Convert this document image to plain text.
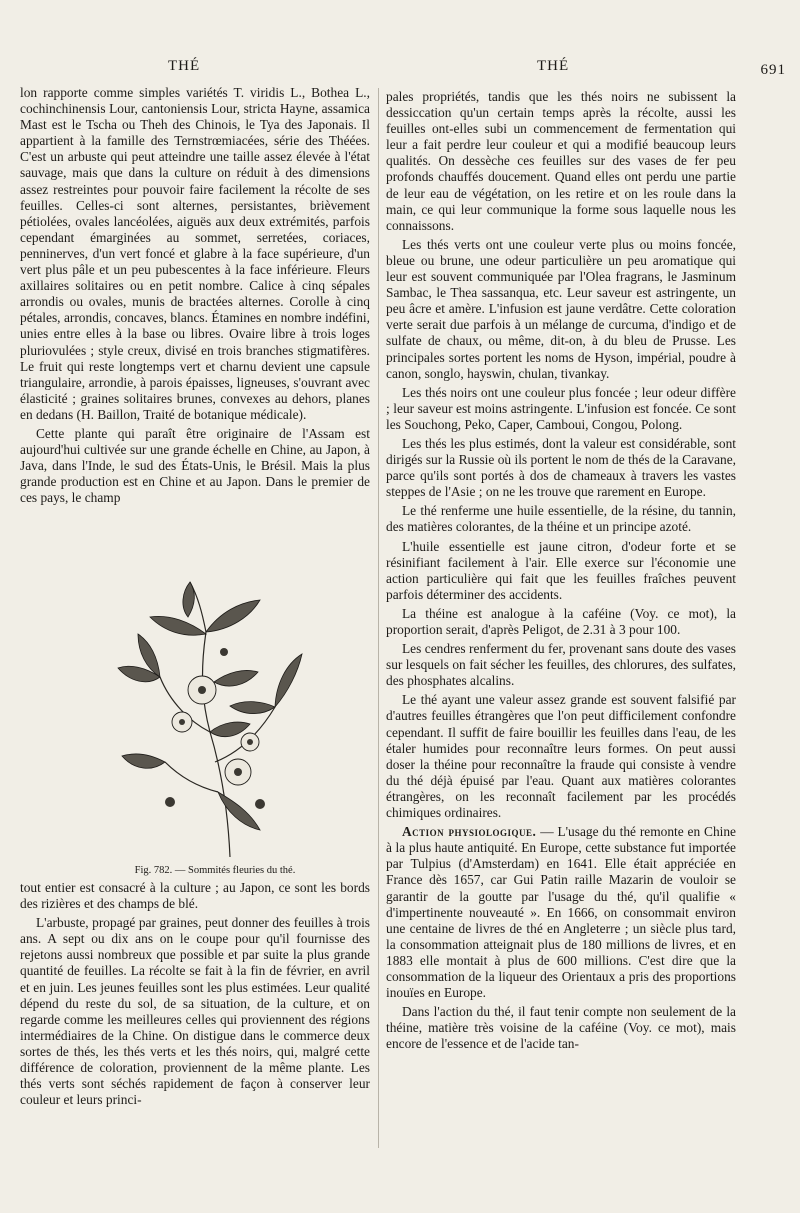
THÉ	THÉ	691

lon rapporte comme simples variétés T. viridis L., Bothea L., cochinchinensis Lour, cantoniensis Lour, stricta Hayne, assamica Mast est le Tscha ou Theh des Chinois, le Tya des Japonais. Il appartient à la famille des Ternstrœmiacées, série des Théées. C'est un arbuste qui peut atteindre une taille assez élevée à l'état sauvage, mais que dans la culture on réduit à des dimensions assez restreintes pour pouvoir faire facilement la récolte de ses feuilles. Celles-ci sont alternes, persistantes, brièvement pétiolées, ovales lancéolées, aiguës aux deux extrémités, parfois cependant émarginées au sommet, serretées, coriaces, penninerves, d'un vert foncé et glabre à la face supérieure, d'un vert plus pâle et un peu pubescentes à la face inférieure. Fleurs axillaires solitaires ou en petit nombre. Calice à cinq sépales arrondis ou ovales, munis de bractées alternes. Corolle à cinq pétales, arrondis, concaves, blancs. Étamines en nombre indéfini, unies entre elles à la base ou libres. Ovaire libre à trois loges pluriovulées ; style creux, divisé en trois branches stigmatifères. Le fruit qui reste longtemps vert et charnu devient une capsule triangulaire, arrondie, à parois épaisses, ligneuses, s'ouvrant avec élasticité ; graines solitaires brunes, convexes au dehors, planes en dedans (H. Baillon, Traité de botanique médicale).

Cette plante qui paraît être originaire de l'Assam est aujourd'hui cultivée sur une grande échelle en Chine, au Japon, à Java, dans l'Inde, le sud des États-Unis, le Brésil. Mais la plus grande production est en Chine et au Japon. Dans le premier de ces pays, le champ

Fig. 782. — Sommités fleuries du thé.

tout entier est consacré à la culture ; au Japon, ce sont les bords des rizières et des champs de blé.

L'arbuste, propagé par graines, peut donner des feuilles à trois ans. A sept ou dix ans on le coupe pour qu'il fournisse des rejetons aussi nombreux que possible et par suite la plus grande quantité de feuilles. La récolte se fait à la fin de février, en avril et en juin. Les jeunes feuilles sont les plus estimées. Leur qualité dépend du reste du sol, de sa situation, de la culture, et on regarde comme les meilleures celles qui proviennent des régions intermédiaires de la Chine. On distigue dans le commerce deux sortes de thés, les thés verts et les thés noirs, qui, malgré cette différence de coloration, proviennent de la même plante. Les thés verts sont séchés rapidement de façon à conserver leur couleur et leurs princi-

pales propriétés, tandis que les thés noirs ne subissent la dessiccation qu'un certain temps après la récolte, aussi les feuilles ont-elles subi un commencement de fermentation qui leur a fait perdre leur couleur et qui a modifié beaucoup leurs qualités. On dessèche ces feuilles sur des vases de fer peu profonds chauffés doucement. Quand elles ont perdu une partie de leur eau de végétation, on les retire et on les roule dans la main, ce qui leur communique la forme sous laquelle nous les connaissons.

Les thés verts ont une couleur verte plus ou moins foncée, bleue ou brune, une odeur particulière un peu aromatique qui leur est souvent communiquée par l'Olea fragrans, le Jasminum Sambac, le Thea sassanqua, etc. Leur saveur est astringente, un peu âcre et amère. L'infusion est jaune verdâtre. Cette coloration verte serait due parfois à un mélange de curcuma, d'indigo et de sulfate de chaux, ou même, dit-on, à du bleu de Prusse. Les principales sortes portent les noms de Hyson, impérial, poudre à canon, songlo, hayswin, chulan, tivankay.

Les thés noirs ont une couleur plus foncée ; leur odeur diffère ; leur saveur est moins astringente. L'infusion est foncée. Ce sont les Souchong, Peko, Caper, Camboui, Congou, Polong.

Les thés les plus estimés, dont la valeur est considérable, sont dirigés sur la Russie où ils portent le nom de thés de la Caravane, parce qu'ils sont portés à dos de chameaux à travers les vastes steppes de l'Asie ; on ne les trouve que rarement en Europe.

Le thé renferme une huile essentielle, de la résine, du tannin, des matières colorantes, de la théine et un principe azoté.

L'huile essentielle est jaune citron, d'odeur forte et se résinifiant facilement à l'air. Elle exerce sur l'économie une action particulière qui fait que les feuilles fraîches peuvent parfois déterminer des accidents.

La théine est analogue à la caféine (Voy. ce mot), la proportion serait, d'après Peligot, de 2.31 à 3 pour 100.

Les cendres renferment du fer, provenant sans doute des vases sur lesquels on fait sécher les feuilles, des chlorures, des sulfates, des phosphates alcalins.

Le thé ayant une valeur assez grande est souvent falsifié par d'autres feuilles étrangères que l'on peut difficilement confondre cependant. Il suffit de faire bouillir les feuilles dans l'eau, de les étaler humides pour reconnaître leurs formes. On peut aussi doser la théine pour reconnaître la fraude qui consiste à vendre du thé déjà épuisé par l'eau. Quant aux matières colorantes étrangères, on les reconnaît facilement par les procédés chimiques ordinaires.

Action physiologique. — L'usage du thé remonte en Chine à la plus haute antiquité. En Europe, cette substance fut importée par Tulpius (d'Amsterdam) en 1641. Elle était appréciée en France dès 1657, car Gui Patin raille Mazarin de vouloir se garantir de la goutte par l'usage du thé, qu'il qualifie « d'impertinente nouveauté ». En 1666, on consommait environ une centaine de livres de thé en Angleterre ; un siècle plus tard, la consommation atteignait plus de 180 millions de livres, et en 1883 elle montait à plus de 600 millions. C'est dire que la consommation de la liqueur des Orientaux a pris des proportions inouïes en Europe.

Dans l'action du thé, il faut tenir compte non seulement de la théine, matière très voisine de la caféine (Voy. ce mot), mais encore de l'essence et de l'acide tan-
